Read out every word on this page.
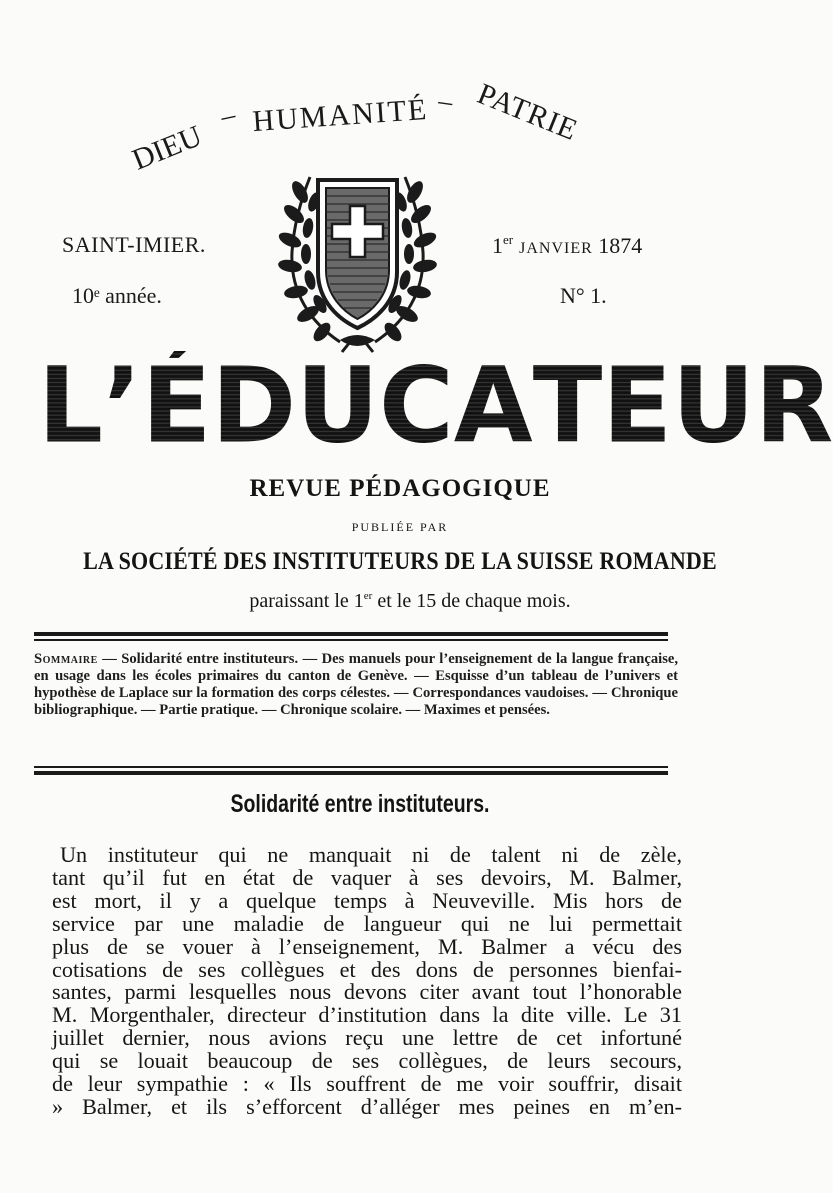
DIEU
– HUMANITÉ – PATRIE
SAINT-IMIER.	1erJANVIER 1874
10ᵉ année.	N° 1.
L ’ É D U C A T E U R
REVUE PÉDAGOGIQUE
PUBLIÉE PAR
LA SOCIÉTÉ DES INSTITUTEURS DE LA SUISSE ROMANDE
paraissant le 1er et le 15 de chaque mois.
Sommaire — Solidarité entre instituteurs. — Des manuels pour l’enseignement de la langue française, en usage dans les écoles primaires du canton de Genève. — Esquisse d’un tableau de l’univers et hypothèse de Laplace sur la formation des corps célestes. — Correspondances vaudoises. — Chronique bibliographique. — Partie pratique. — Chronique scolaire. — Maximes et pensées.
Solidarité entre instituteurs.
Un instituteur qui ne manquait ni de talent ni de zèle,
tant qu’il fut en état de vaquer à ses devoirs, M. Balmer,
est mort, il y a quelque temps à Neuveville. Mis hors de
service par une maladie de langueur qui ne lui permettait
plus de se vouer à l’enseignement, M. Balmer a vécu des
cotisations de ses collègues et des dons de personnes bienfai-
santes, parmi lesquelles nous devons citer avant tout l’honorable
M. Morgenthaler, directeur d’institution dans la dite ville. Le 31
juillet dernier, nous avions reçu une lettre de cet infortuné
qui se louait beaucoup de ses collègues, de leurs secours,
de leur sympathie : « Ils souffrent de me voir souffrir, disait
» Balmer, et ils s’efforcent d’alléger mes peines en m’en-
